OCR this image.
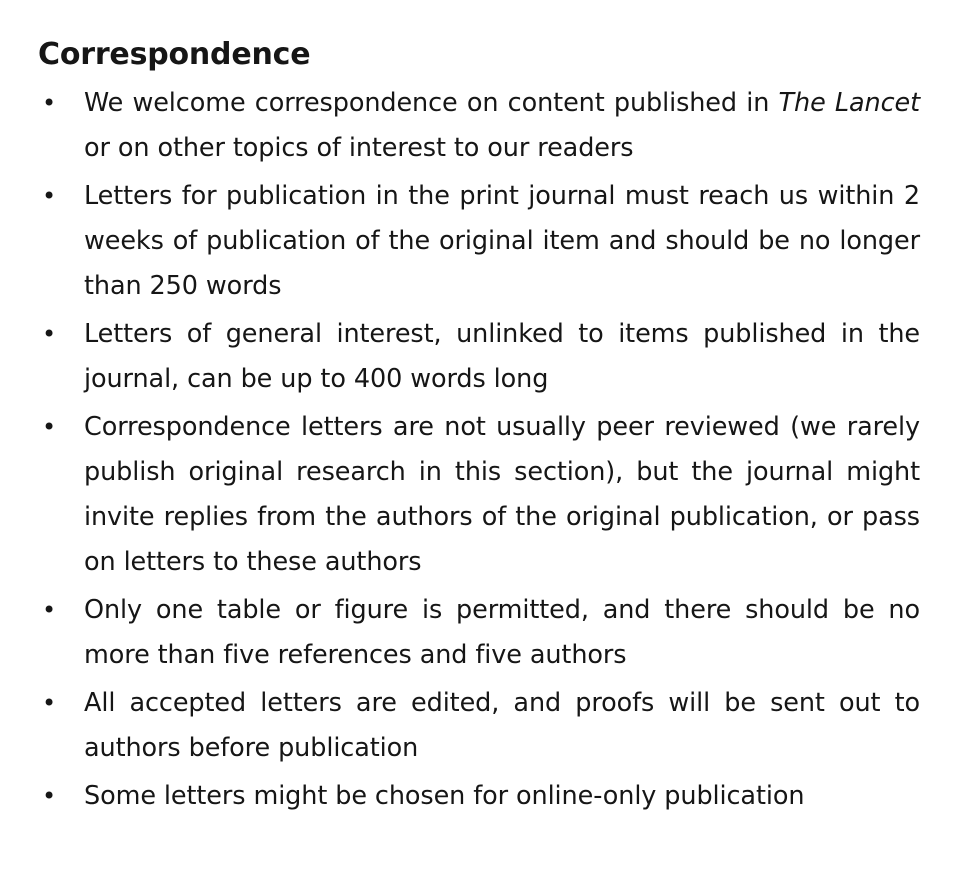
Correspondence
•	We welcome correspondence on content published in The Lancet or on other topics of interest to our readers
•	Letters for publication in the print journal must reach us within 2 weeks of publication of the original item and should be no longer than 250 words
•	Letters of general interest, unlinked to items published in the journal, can be up to 400 words long
•	Correspondence letters are not usually peer reviewed (we rarely publish original research in this section), but the journal might invite replies from the authors of the original publication, or pass on letters to these authors
•	Only one table or figure is permitted, and there should be no more than five references and five authors
•	All accepted letters are edited, and proofs will be sent out to authors before publication
•	Some letters might be chosen for online-only publication
